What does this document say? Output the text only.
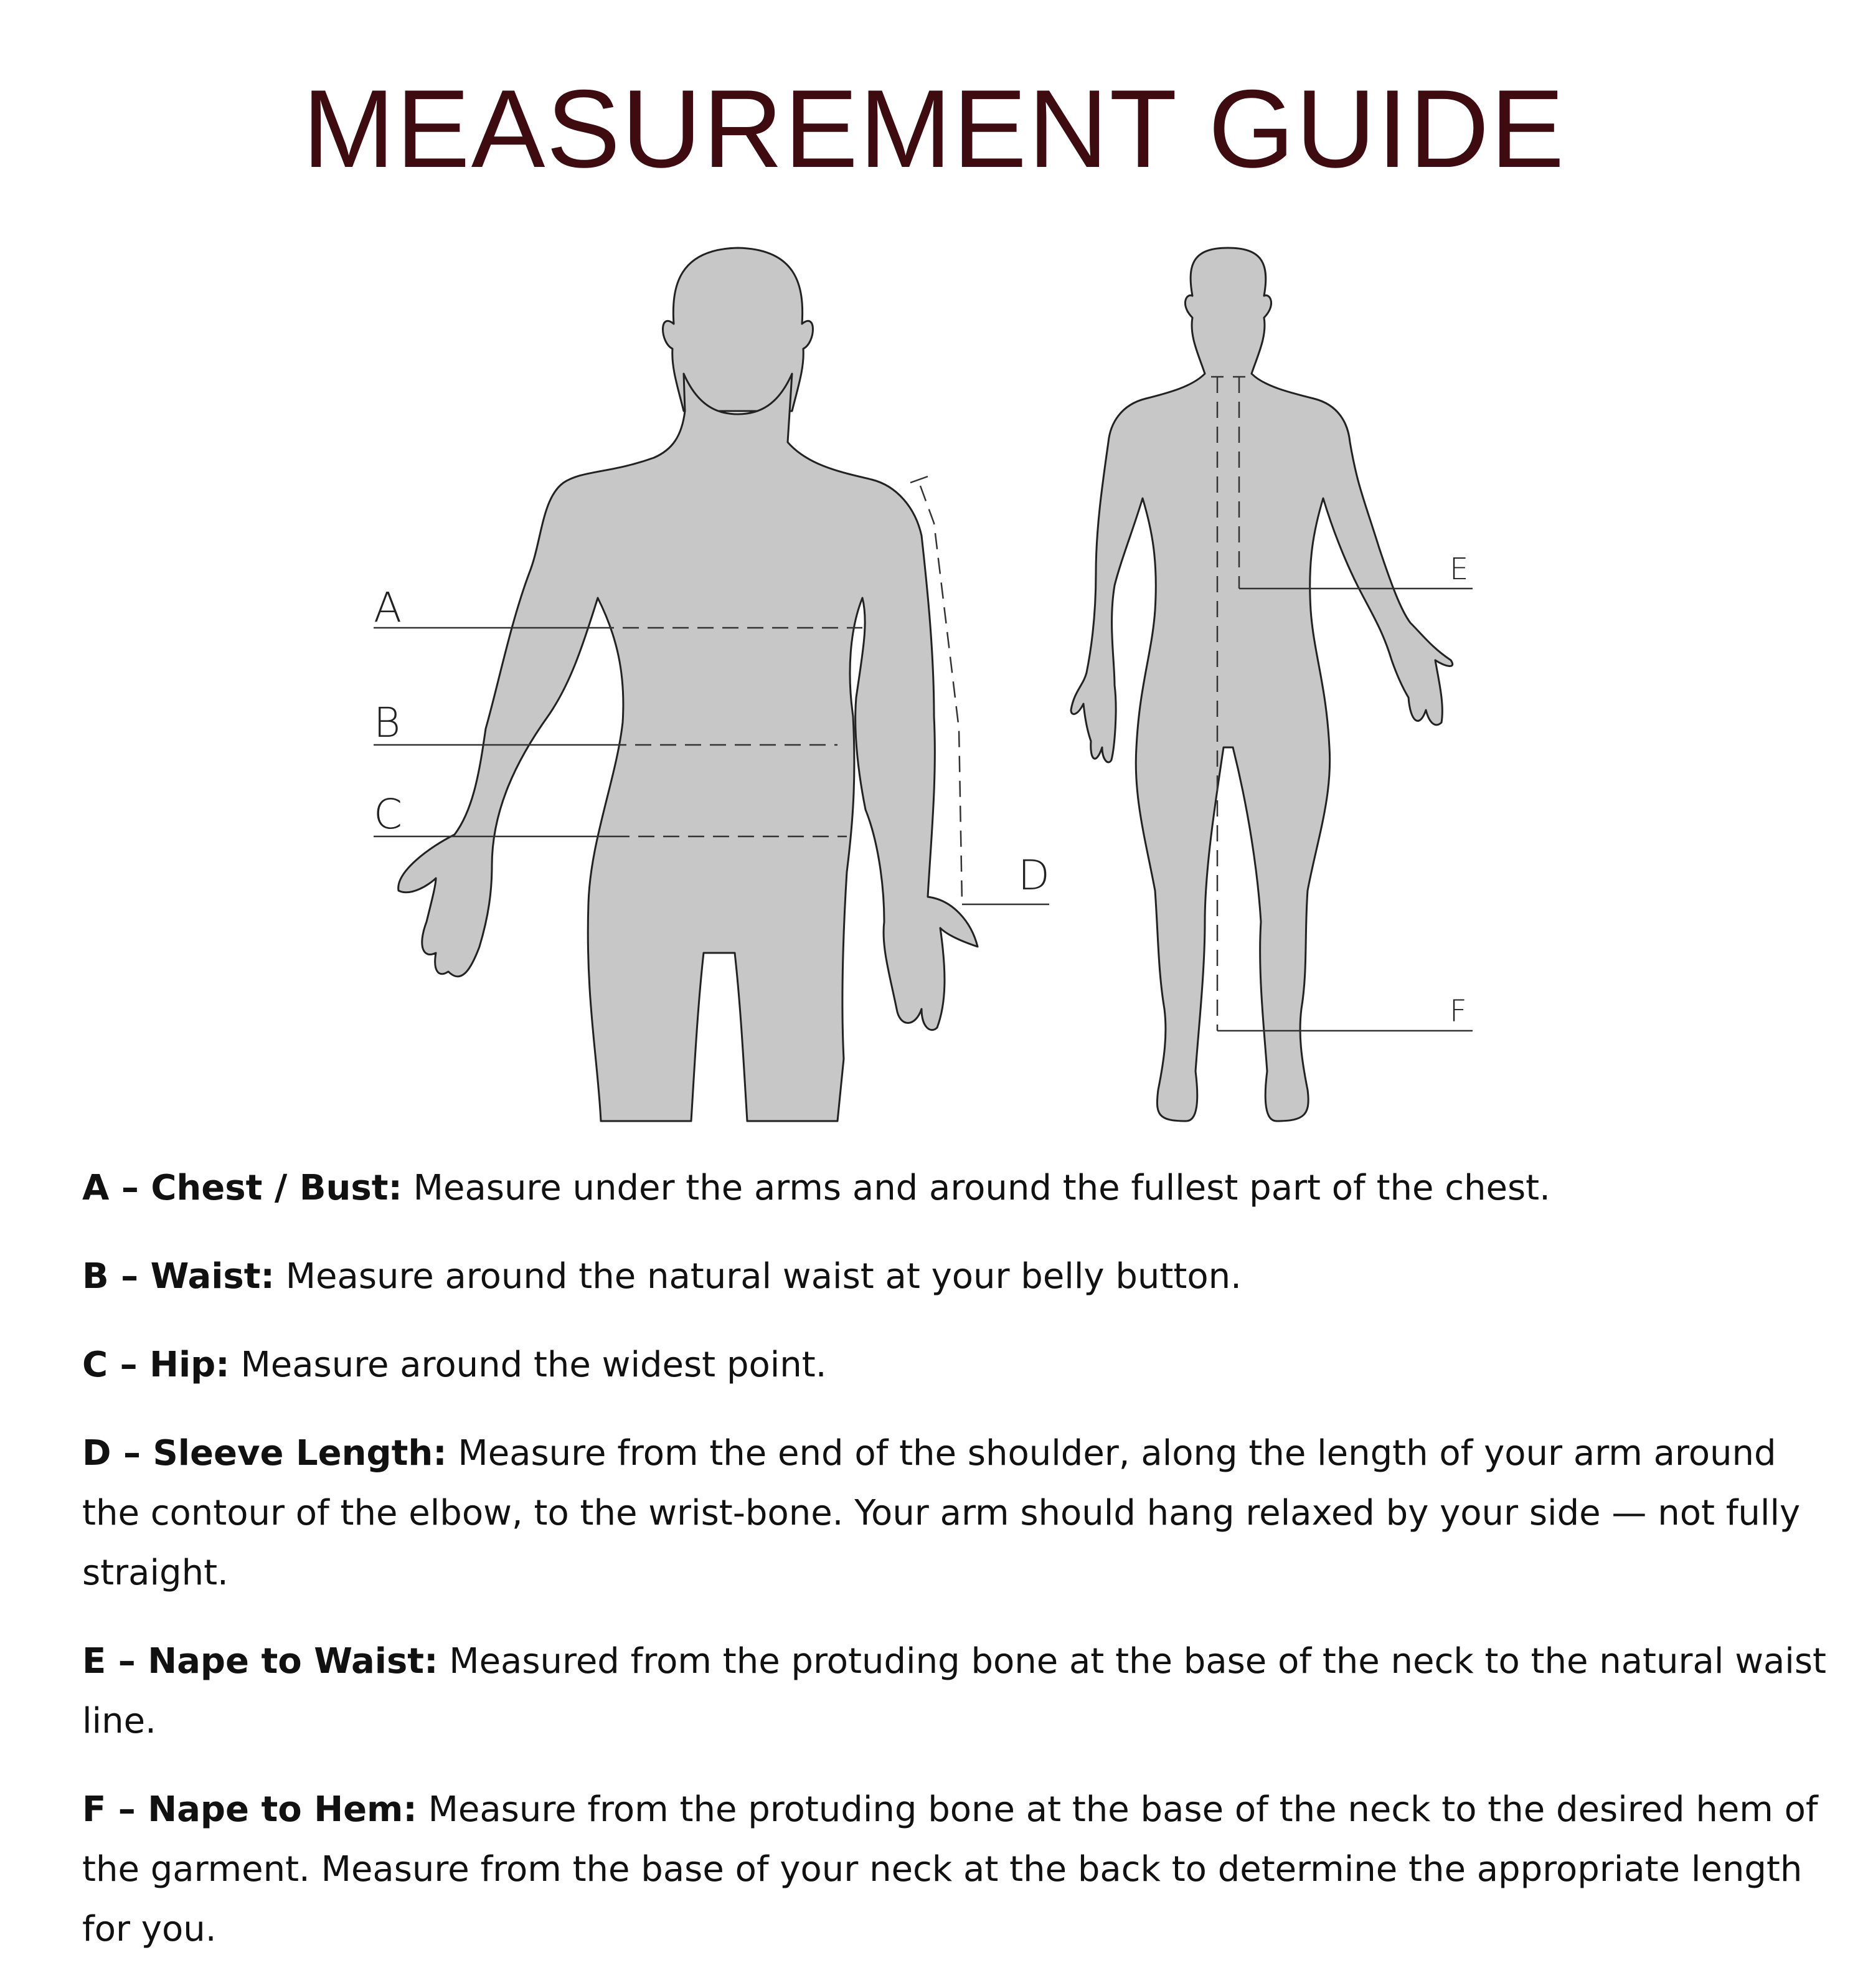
MEASUREMENT GUIDE
A
B
C
D
E
F

A – Chest / Bust: Measure under the arms and around the fullest part of the chest.

B – Waist: Measure around the natural waist at your belly button.

C – Hip: Measure around the widest point.

D – Sleeve Length: Measure from the end of the shoulder, along the length of your arm around the contour of the elbow, to the wrist-bone. Your arm should hang relaxed by your side — not fully straight.

E – Nape to Waist: Measured from the protuding bone at the base of the neck to the natural waist line.

F – Nape to Hem: Measure from the protuding bone at the base of the neck to the desired hem of the garment. Measure from the base of your neck at the back to determine the appropriate length for you.
